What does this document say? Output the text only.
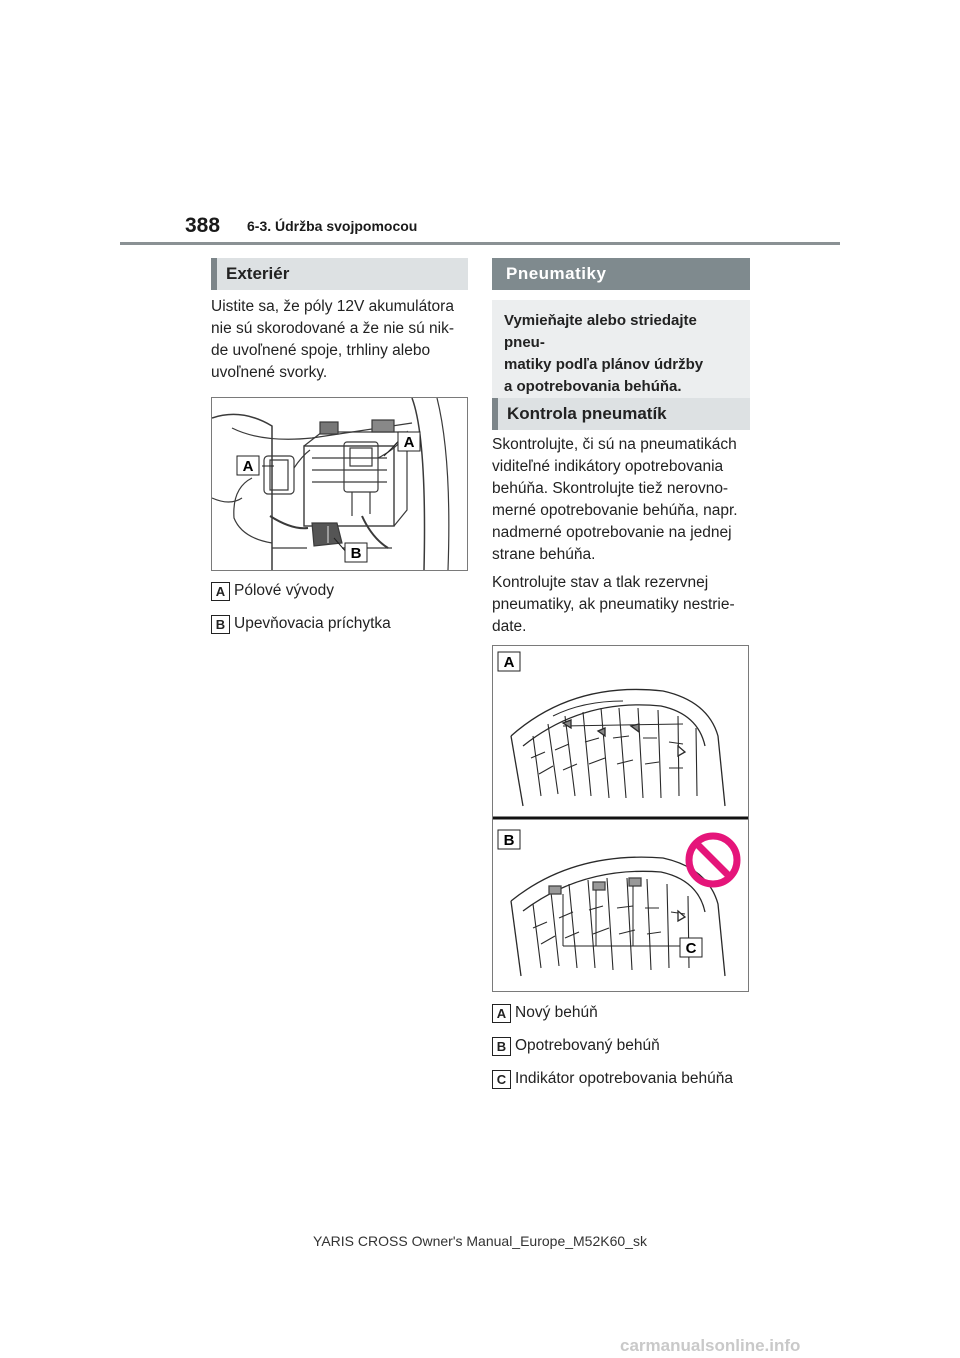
388 6-3. Údržba svojpomocou
Exteriér
Uistite sa, že póly 12V akumulátora
nie sú skorodované a že nie sú nik-
de uvoľnené spoje, trhliny alebo
uvoľnené svorky.
A
A
B
A Pólové vývody
B Upevňovacia príchytka
Pneumatiky
Vymieňajte alebo striedajte pneu-
matiky podľa plánov údržby
a opotrebovania behúňa.
Kontrola pneumatík
Skontrolujte, či sú na pneumatikách
viditeľné indikátory opotrebovania
behúňa. Skontrolujte tiež nerovno-
merné opotrebovanie behúňa, napr.
nadmerné opotrebovanie na jednej
strane behúňa.
Kontrolujte stav a tlak rezervnej
pneumatiky, ak pneumatiky nestrie-
date.
A
B
C
A Nový behúň
B Opotrebovaný behúň
C Indikátor opotrebovania behúňa
YARIS CROSS Owner's Manual_Europe_M52K60_sk
carmanualsonline.info
